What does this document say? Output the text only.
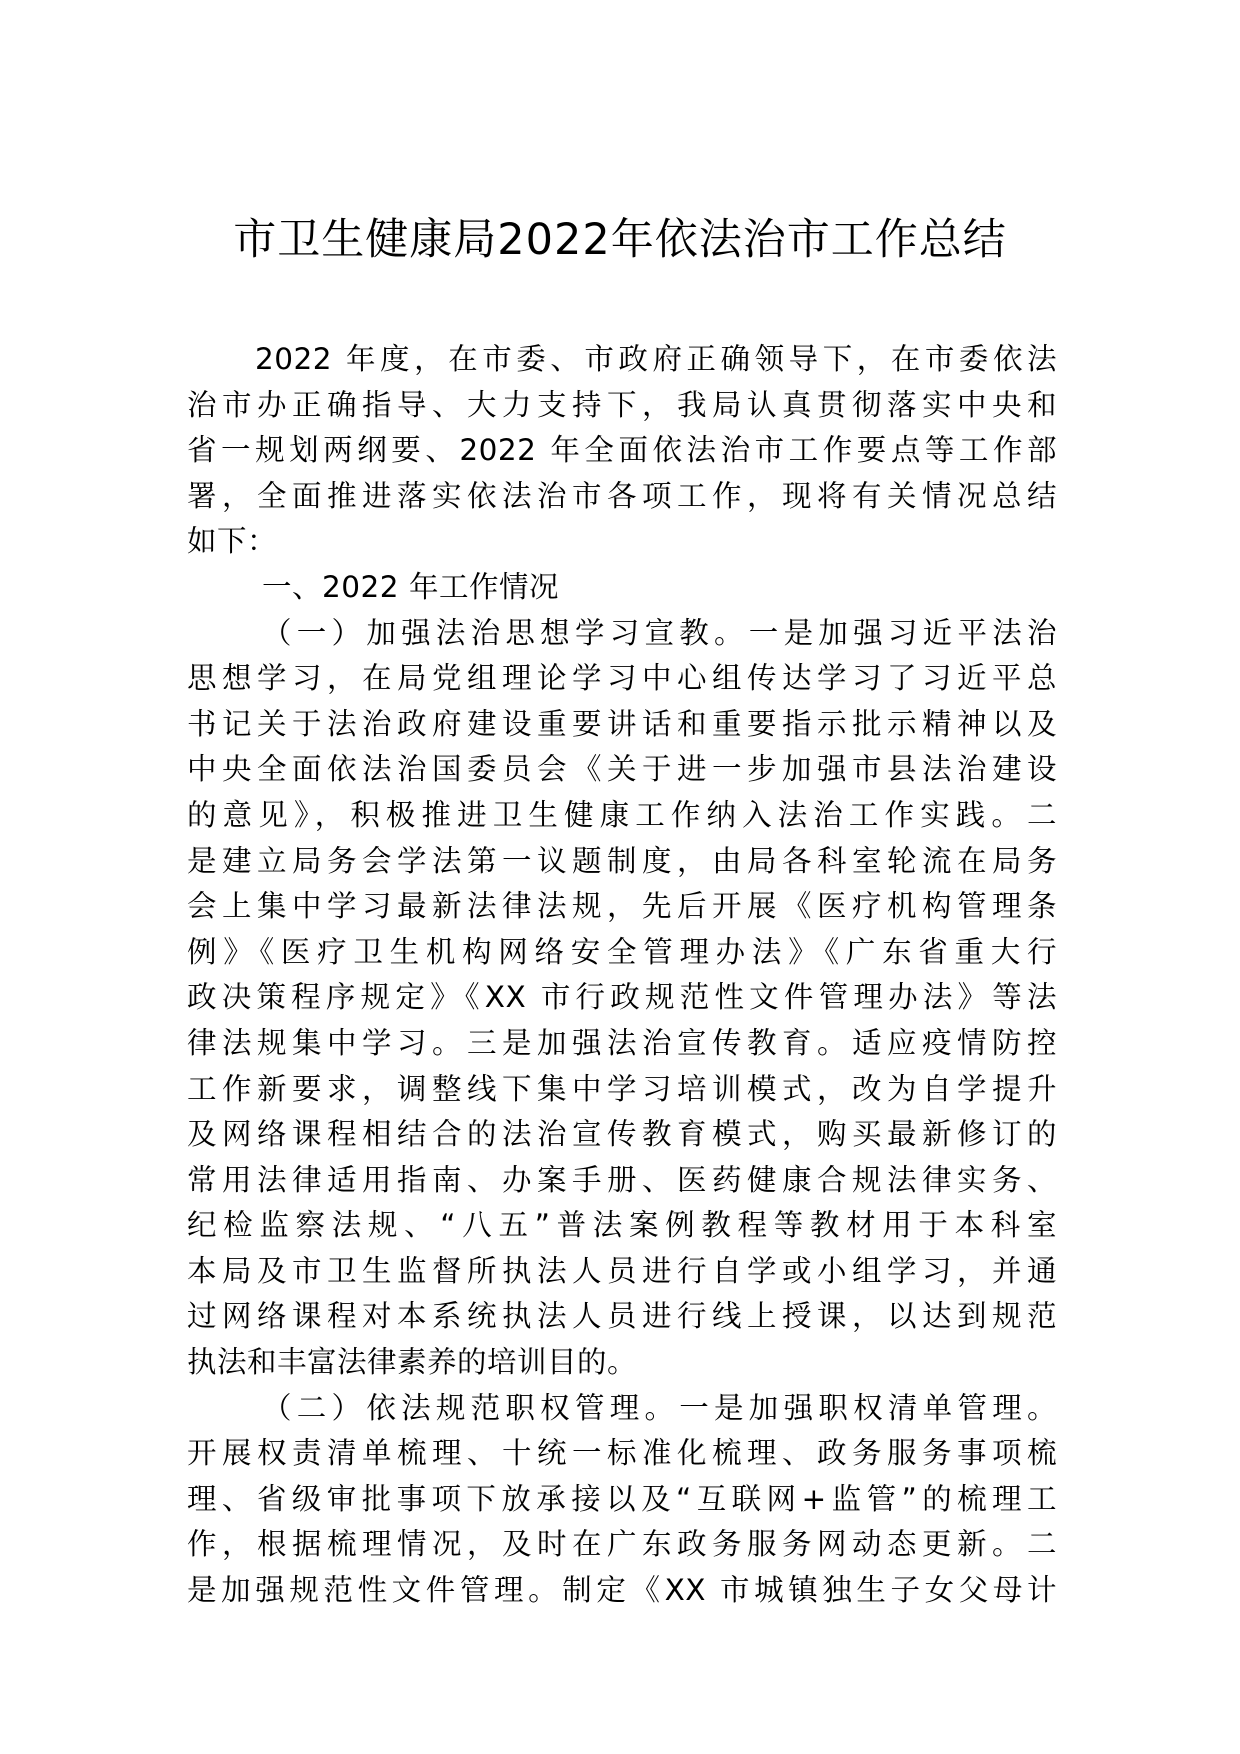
市卫生健康局2022年依法治市工作总结
2022 年度，在市委、市政府正确领导下，在市委依法
治市办正确指导、大力支持下，我局认真贯彻落实中央和
省一规划两纲要、2022 年全面依法治市工作要点等工作部
署，全面推进落实依法治市各项工作，现将有关情况总结
如下：
一、2022 年工作情况
（一）加强法治思想学习宣教。一是加强习近平法治
思想学习，在局党组理论学习中心组传达学习了习近平总
书记关于法治政府建设重要讲话和重要指示批示精神以及
中央全面依法治国委员会《关于进一步加强市县法治建设
的意见》，积极推进卫生健康工作纳入法治工作实践。二
是建立局务会学法第一议题制度，由局各科室轮流在局务
会上集中学习最新法律法规，先后开展《医疗机构管理条
例》《医疗卫生机构网络安全管理办法》《广东省重大行
政决策程序规定》《XX 市行政规范性文件管理办法》等法
律法规集中学习。三是加强法治宣传教育。适应疫情防控
工作新要求，调整线下集中学习培训模式，改为自学提升
及网络课程相结合的法治宣传教育模式，购买最新修订的
常用法律适用指南、办案手册、医药健康合规法律实务、
纪检监察法规、“八五”普法案例教程等教材用于本科室
本局及市卫生监督所执法人员进行自学或小组学习，并通
过网络课程对本系统执法人员进行线上授课，以达到规范
执法和丰富法律素养的培训目的。
（二）依法规范职权管理。一是加强职权清单管理。
开展权责清单梳理、十统一标准化梳理、政务服务事项梳
理、省级审批事项下放承接以及“互联网+监管”的梳理工
作，根据梳理情况，及时在广东政务服务网动态更新。二
是加强规范性文件管理。制定《XX 市城镇独生子女父母计
